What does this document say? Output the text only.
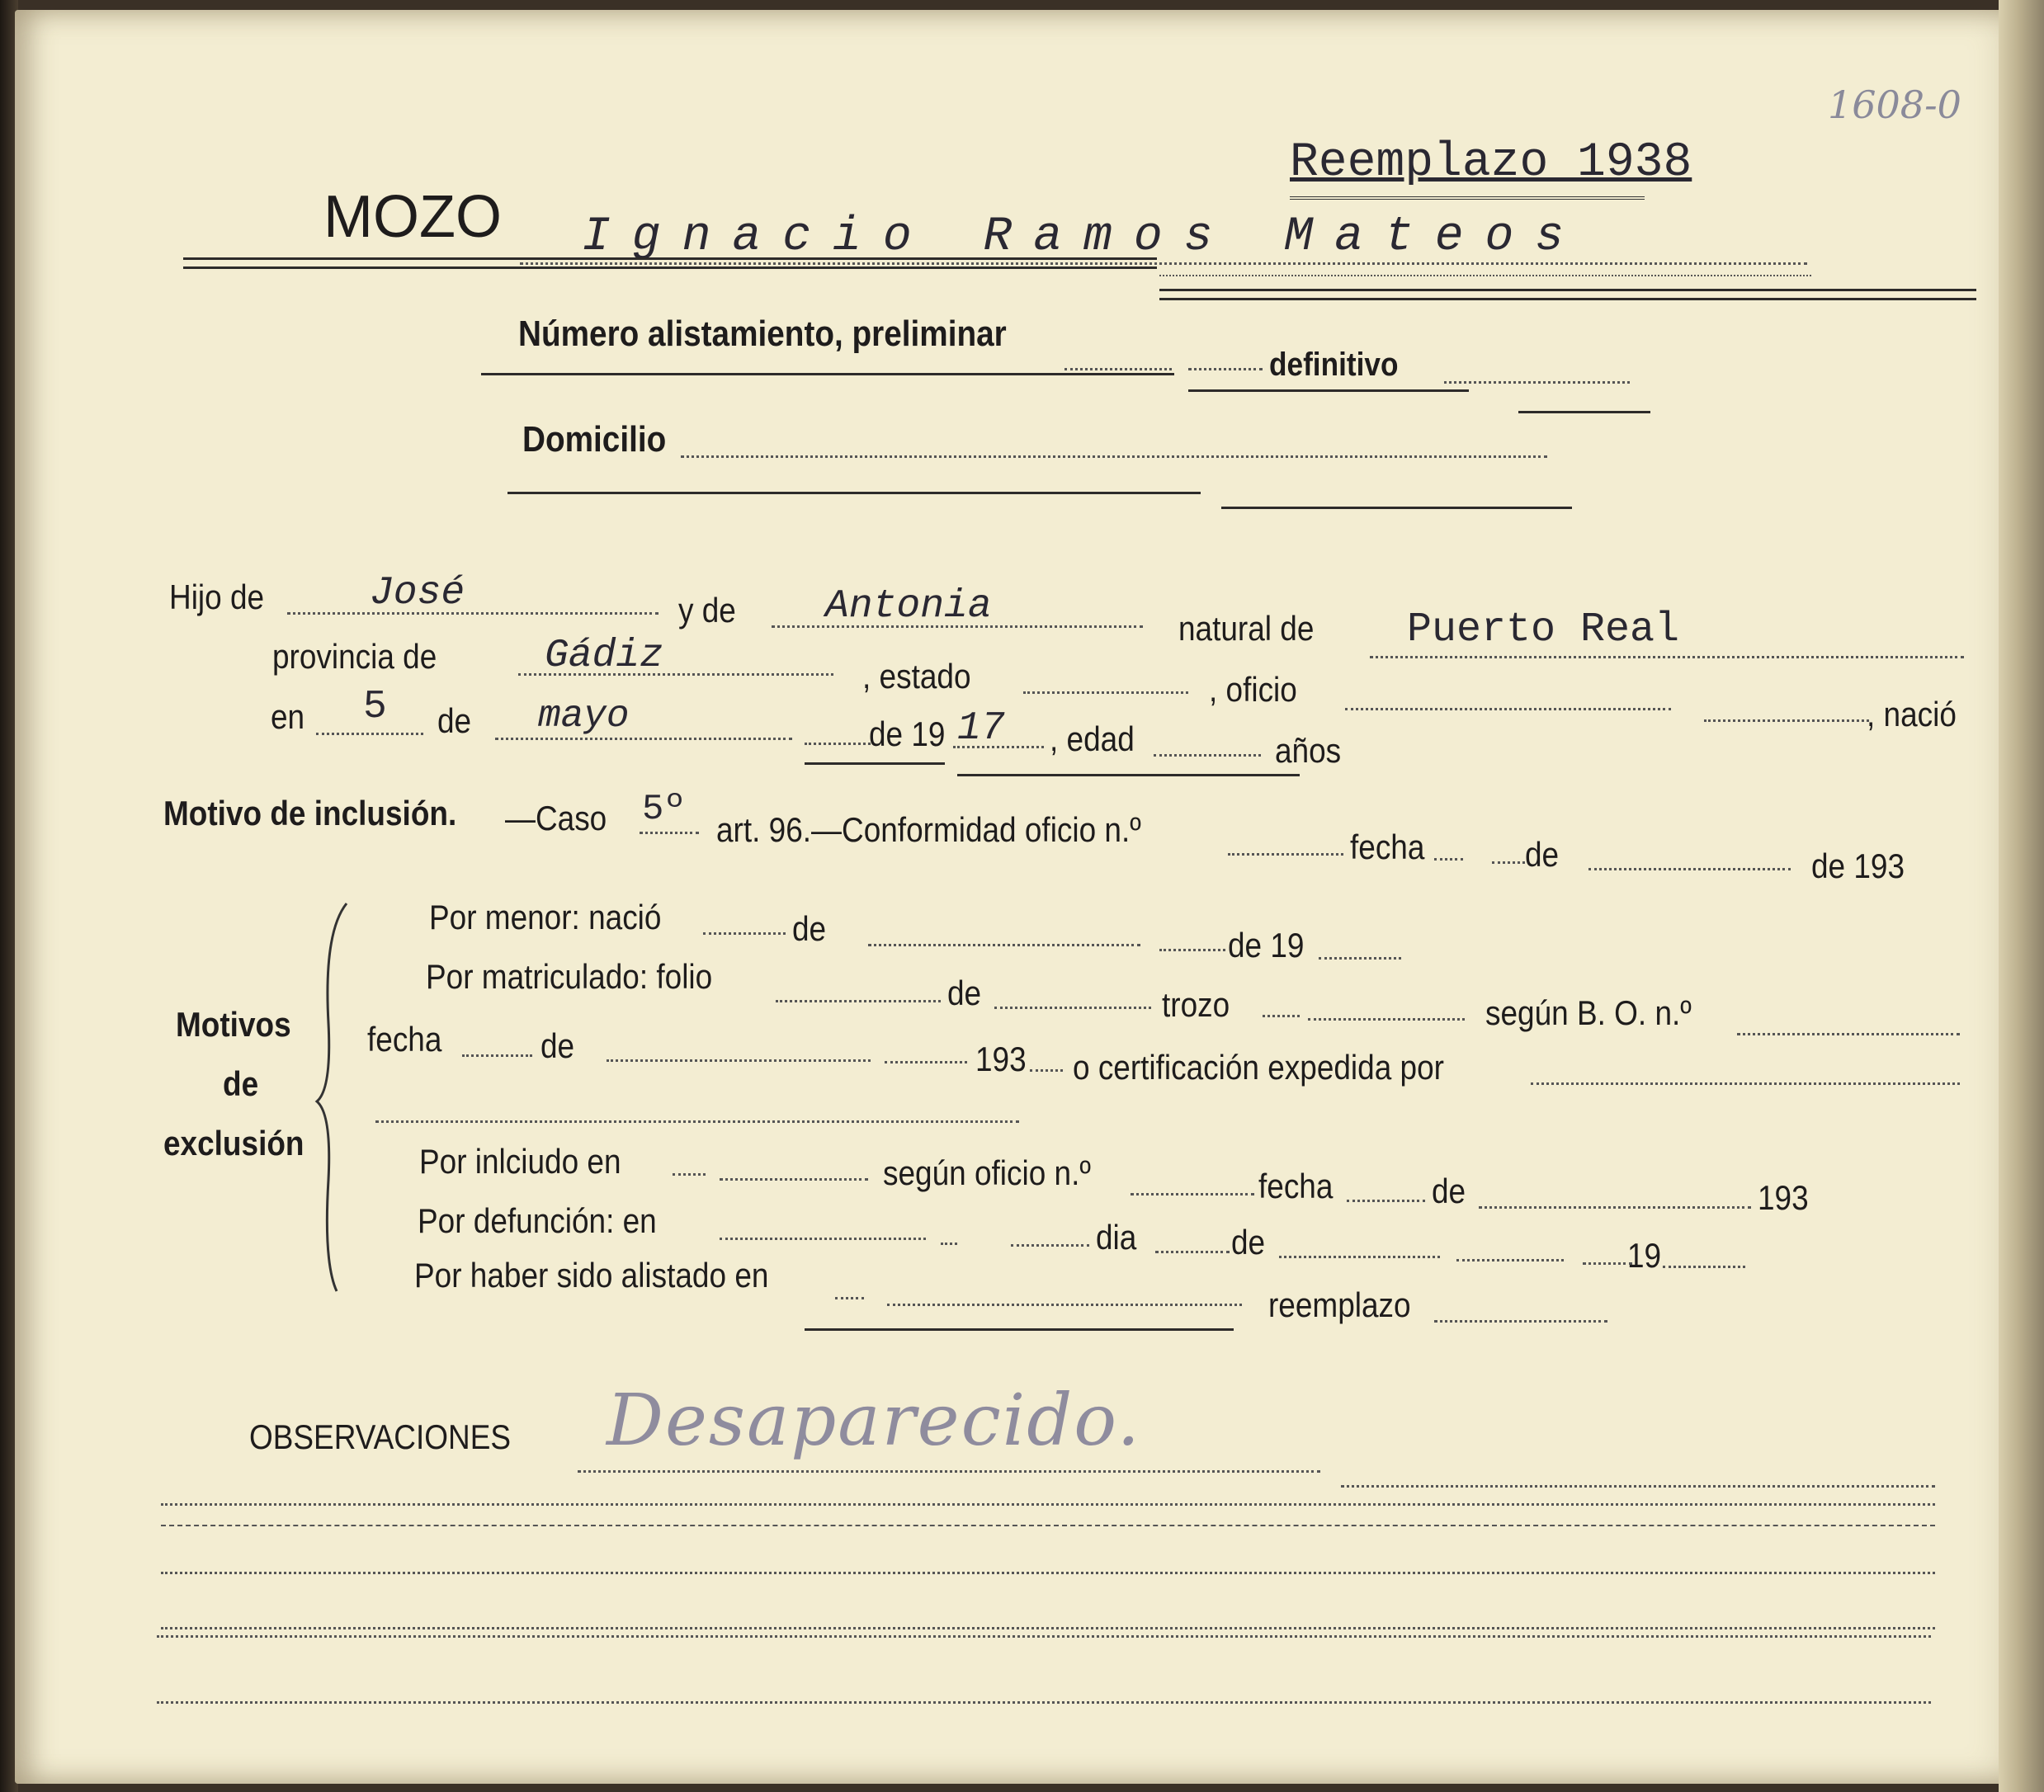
1608-0
Reemplazo 1938
MOZO Ignacio Ramos Mateos
Número alistamiento, preliminar
definitivo
Domicilio
Hijo de	José	y de Antonia	natural de Puerto Real
provincia de	Gádiz	, estado	, oficio
en 5 de mayo	de 19 17 , edad	años
, nació
Motivo de inclusión. —Caso 5º art. 96.—Conformidad oficio n.º	fecha	de	de 193
Motivos
de
exclusión
Por menor: nació	de	de 19
Por matriculado: folio	de	trozo	según B. O. n.º
fecha	de	193 o certificación expedida por
Por inlciudo en	según oficio n.º	fecha	de	193
Por defunción: en	dia	de	19
Por haber sido alistado en
reemplazo
OBSERVACIONES Desaparecido.
